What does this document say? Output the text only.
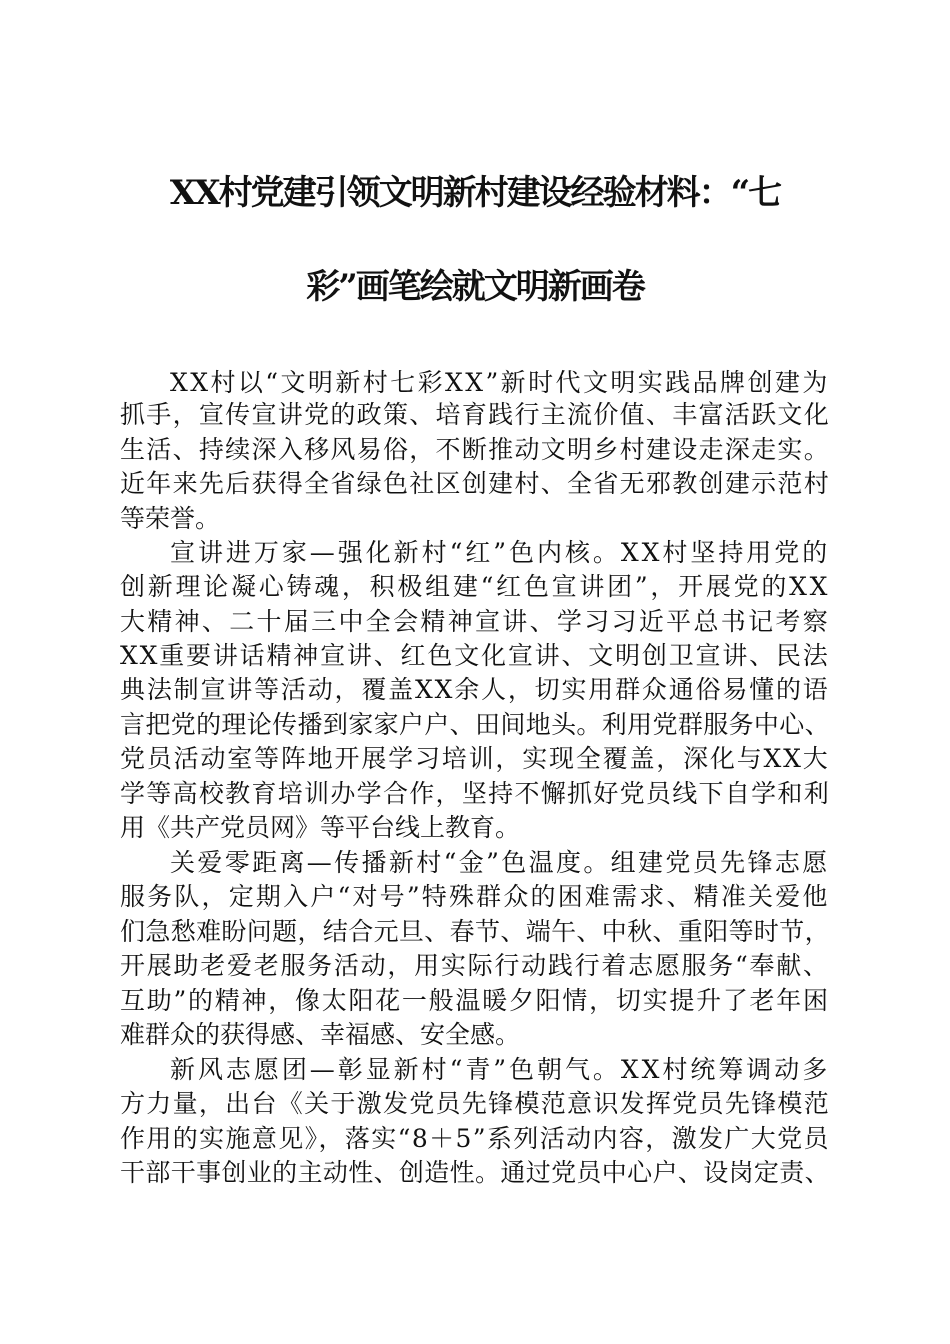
XX村党建引领文明新村建设经验材料：“七
彩”画笔绘就文明新画卷
XX村以“文明新村七彩XX”新时代文明实践品牌创建为
抓手，宣传宣讲党的政策、培育践行主流价值、丰富活跃文化
生活、持续深入移风易俗，不断推动文明乡村建设走深走实。
近年来先后获得全省绿色社区创建村、全省无邪教创建示范村
等荣誉。
宣讲进万家—强化新村“红”色内核。XX村坚持用党的
创新理论凝心铸魂，积极组建“红色宣讲团”，开展党的XX
大精神、二十届三中全会精神宣讲、学习习近平总书记考察
XX重要讲话精神宣讲、红色文化宣讲、文明创卫宣讲、民法
典法制宣讲等活动，覆盖XX余人，切实用群众通俗易懂的语
言把党的理论传播到家家户户、田间地头。利用党群服务中心、
党员活动室等阵地开展学习培训，实现全覆盖，深化与XX大
学等高校教育培训办学合作，坚持不懈抓好党员线下自学和利
用《共产党员网》等平台线上教育。
关爱零距离—传播新村“金”色温度。组建党员先锋志愿
服务队，定期入户“对号”特殊群众的困难需求、精准关爱他
们急愁难盼问题，结合元旦、春节、端午、中秋、重阳等时节，
开展助老爱老服务活动，用实际行动践行着志愿服务“奉献、
互助”的精神，像太阳花一般温暖夕阳情，切实提升了老年困
难群众的获得感、幸福感、安全感。
新风志愿团—彰显新村“青”色朝气。XX村统筹调动多
方力量，出台《关于激发党员先锋模范意识发挥党员先锋模范
作用的实施意见》，落实“8＋5”系列活动内容，激发广大党员
干部干事创业的主动性、创造性。通过党员中心户、设岗定责、
